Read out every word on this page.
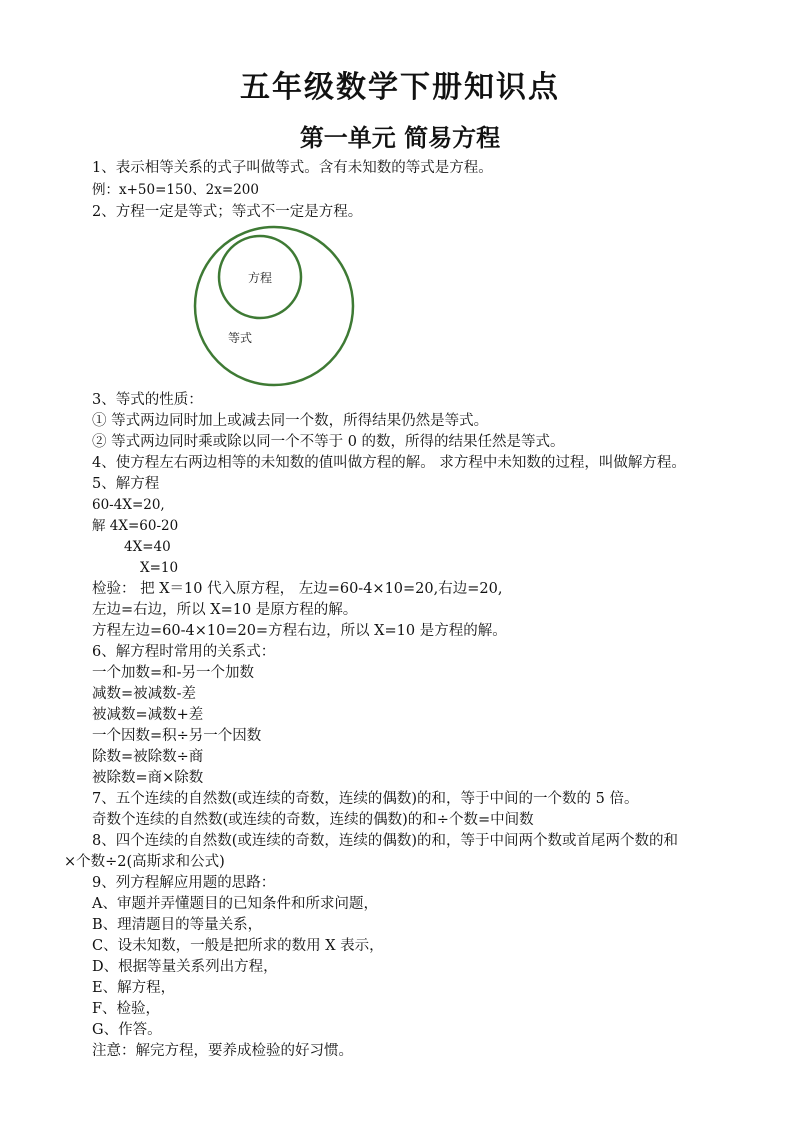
五年级数学下册知识点
第一单元 简易方程
1、表示相等关系的式子叫做等式。含有未知数的等式是方程。
例：x+50=150、2x=200
2、方程一定是等式；等式不一定是方程。
方程
等式
3、等式的性质：
① 等式两边同时加上或减去同一个数，所得结果仍然是等式。
② 等式两边同时乘或除以同一个不等于 0 的数，所得的结果任然是等式。
4、使方程左右两边相等的未知数的值叫做方程的解。 求方程中未知数的过程，叫做解方程。
5、解方程
60-4X=20,
解 4X=60-20
4X=40
X=10
检验： 把 X＝10 代入原方程， 左边=60-4×10=20,右边=20,
左边=右边，所以 X=10 是原方程的解。
方程左边=60-4×10=20=方程右边，所以 X=10 是方程的解。
6、解方程时常用的关系式：
一个加数=和-另一个加数
减数=被减数-差
被减数=减数+差
一个因数=积÷另一个因数
除数=被除数÷商
被除数=商×除数
7、五个连续的自然数(或连续的奇数，连续的偶数)的和，等于中间的一个数的 5 倍。
奇数个连续的自然数(或连续的奇数，连续的偶数)的和÷个数=中间数
8、四个连续的自然数(或连续的奇数，连续的偶数)的和，等于中间两个数或首尾两个数的和
×个数÷2(高斯求和公式)
9、列方程解应用题的思路：
A、审题并弄懂题目的已知条件和所求问题，
B、理清题目的等量关系，
C、设未知数，一般是把所求的数用 X 表示，
D、根据等量关系列出方程，
E、解方程，
F、检验，
G、作答。
注意：解完方程，要养成检验的好习惯。
